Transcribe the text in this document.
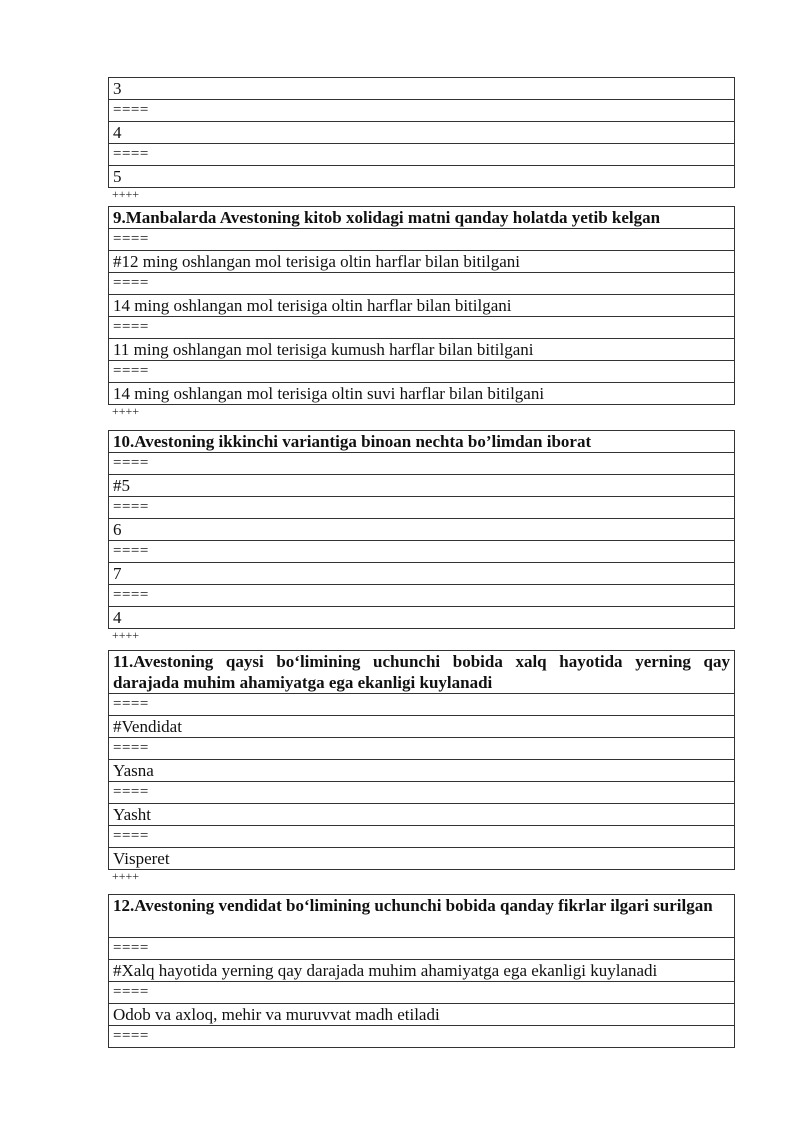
3
====
4
====
5
++++
9.Manbalarda Avestoning kitob xolidagi matni qanday holatda yetib kelgan
====
#12 ming oshlangan mol terisiga oltin harflar bilan bitilgani
====
14 ming oshlangan mol terisiga oltin harflar bilan bitilgani
====
11 ming oshlangan mol terisiga kumush harflar bilan bitilgani
====
14 ming oshlangan mol terisiga oltin suvi harflar bilan bitilgani
++++
10.Avestoning ikkinchi variantiga binoan nechta bo’limdan iborat
====
#5
====
6
====
7
====
4
++++
11.Avestoning qaysi bo‘limining uchunchi bobida xalq hayotida yerning qay darajada muhim ahamiyatga ega ekanligi kuylanadi
====
#Vendidat
====
Yasna
====
Yasht
====
Visperet
++++
12.Avestoning vendidat bo‘limining uchunchi bobida qanday fikrlar ilgari surilgan
====
#Xalq hayotida yerning qay darajada muhim ahamiyatga ega ekanligi kuylanadi
====
Odob va axloq, mehir va muruvvat madh etiladi
====
